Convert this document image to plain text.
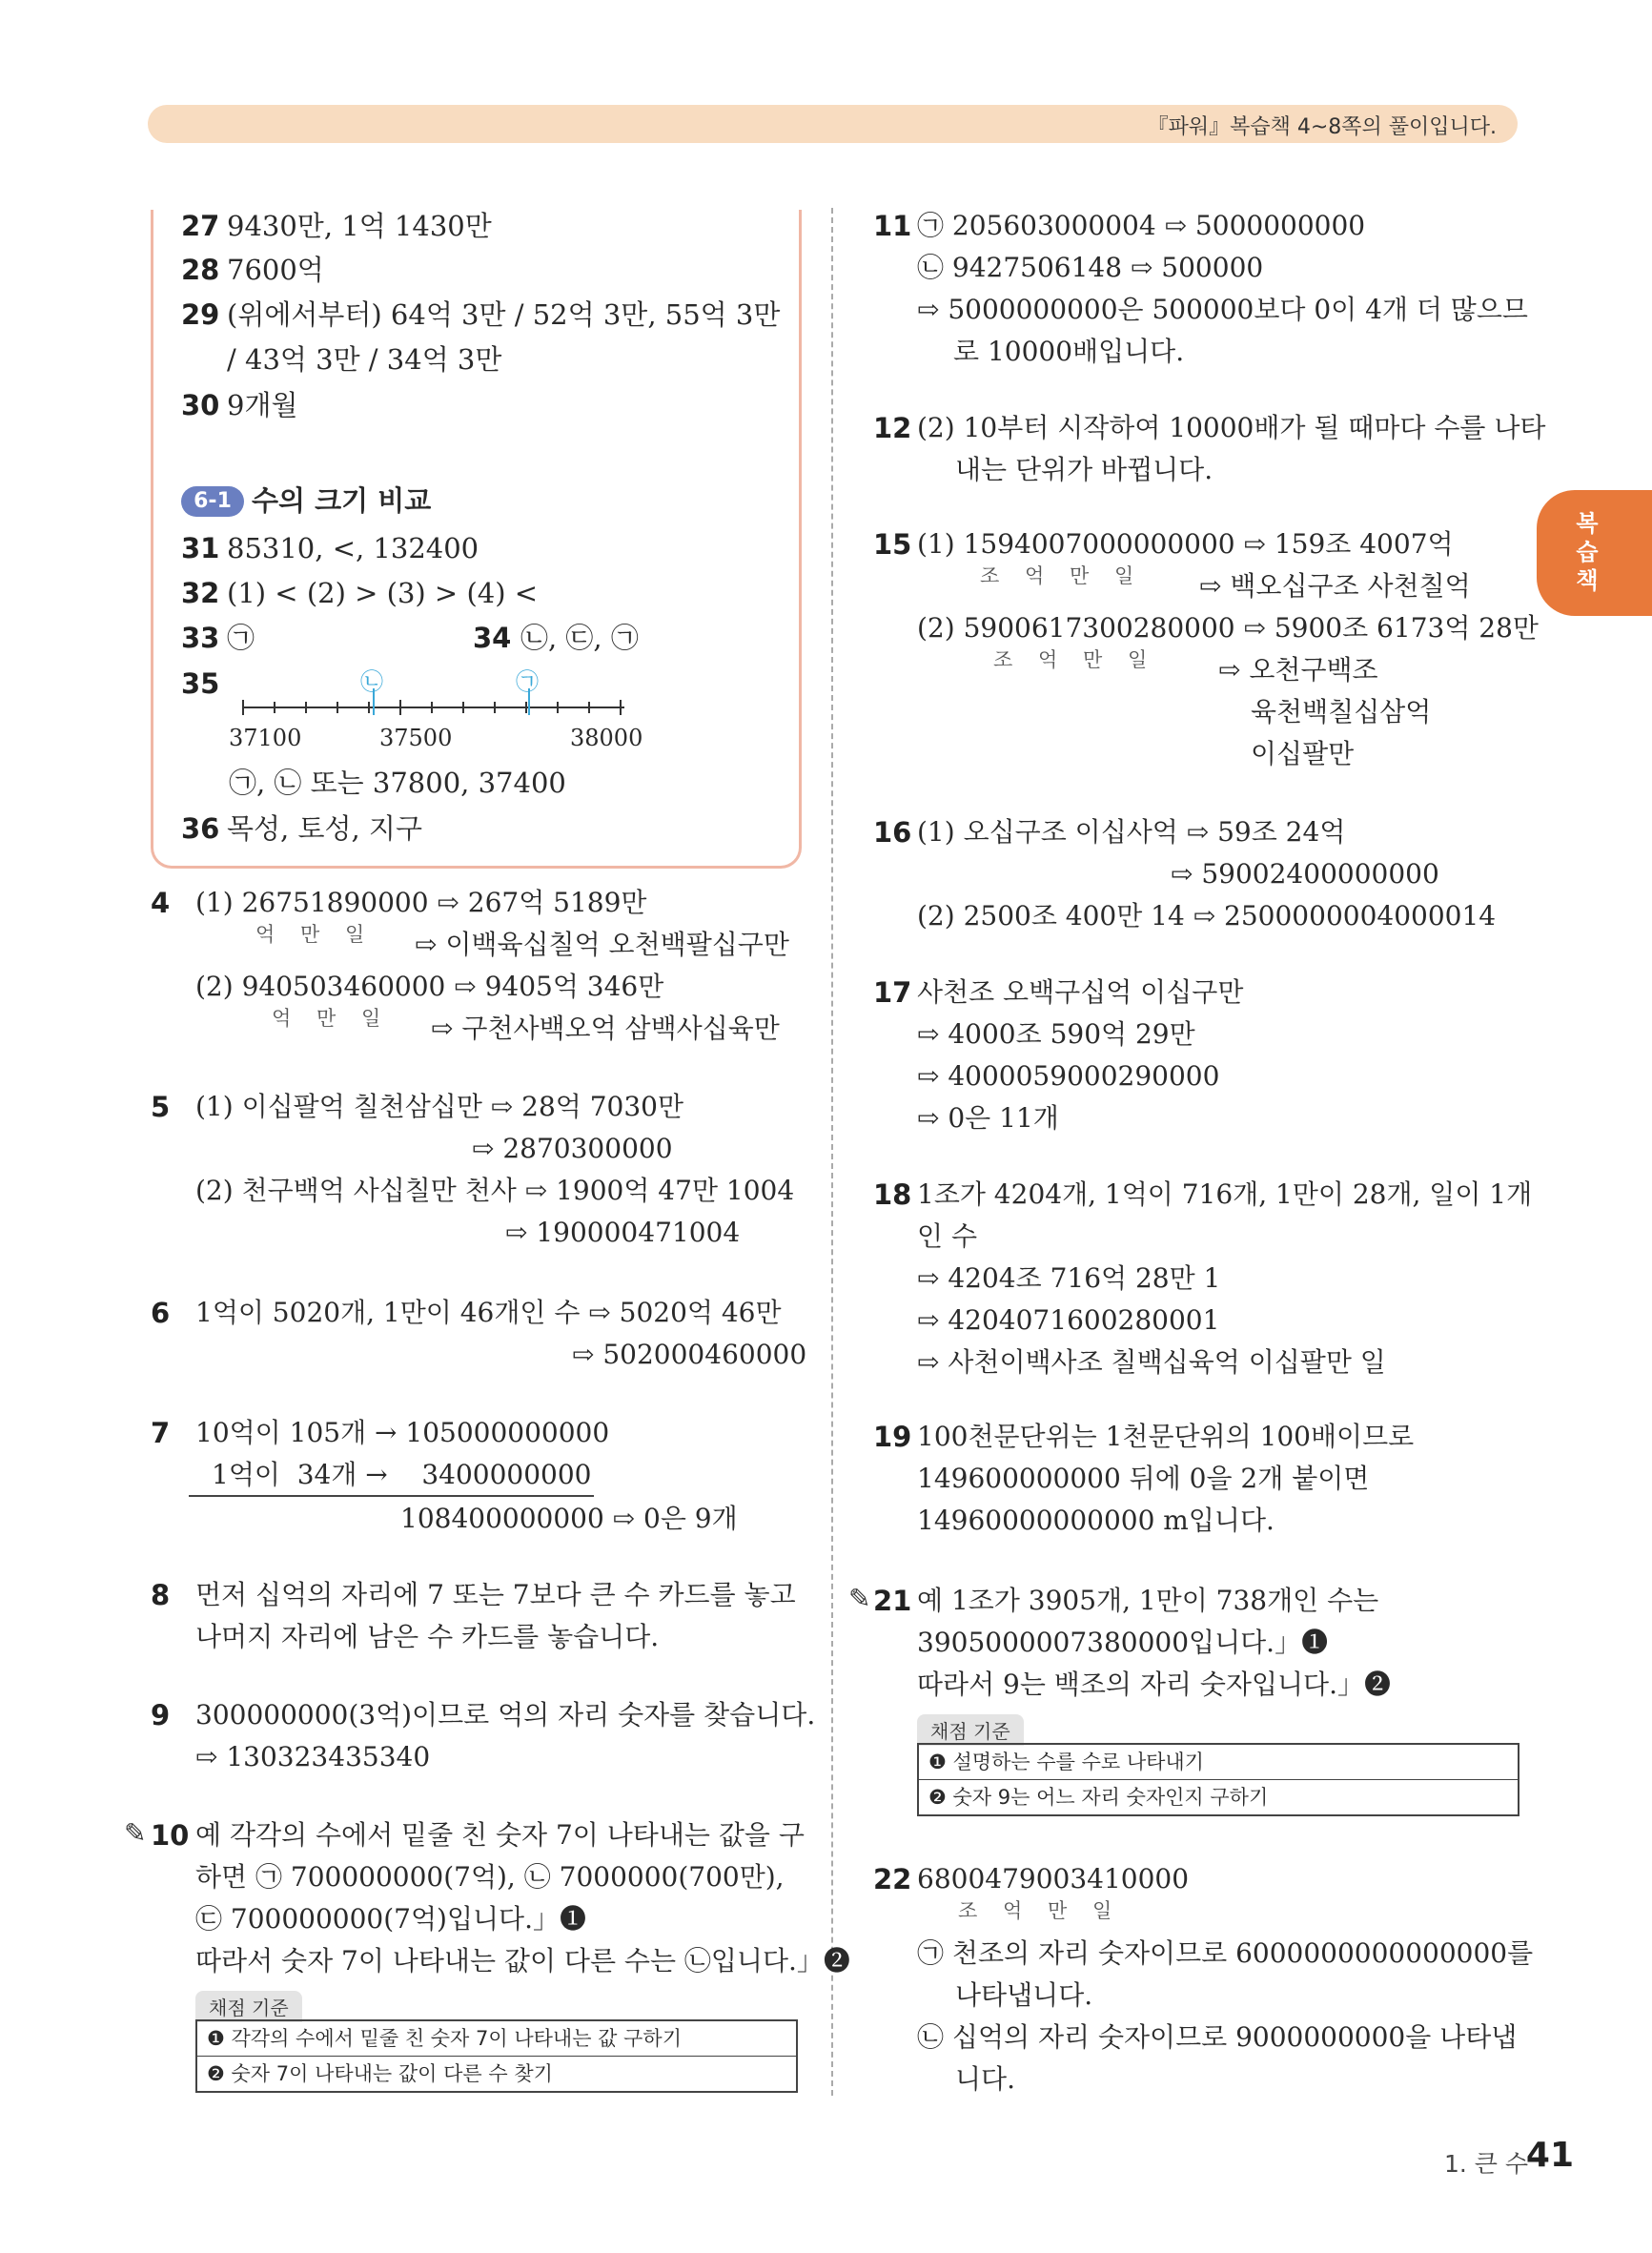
『파워』복습책 4~8쪽의 풀이입니다.
복습책
27 9430만, 1억 1430만
28 7600억
29 (위에서부터) 64억 3만 / 52억 3만, 55억 3만
/ 43억 3만 / 34억 3만
30 9개월
6-1 수의 크기 비교
31 85310, <, 132400
32 (1) < (2) > (3) > (4) <
33 ㉠	34 ㉡, ㉢, ㉠
35	㉡	㉠
37100	37500	38000
㉠, ㉡ 또는 37800, 37400
36 목성, 토성, 지구
4 (1) 26751890000 ⇨ 267억 5189만
억    만    일 ⇨ 이백육십칠억 오천백팔십구만
(2) 940503460000 ⇨ 9405억 346만
억    만    일 ⇨ 구천사백오억 삼백사십육만
5 (1) 이십팔억 칠천삼십만 ⇨ 28억 7030만
⇨ 2870300000
(2) 천구백억 사십칠만 천사 ⇨ 1900억 47만 1004
⇨ 190000471004
6 1억이 5020개, 1만이 46개인 수 ⇨ 5020억 46만
⇨ 502000460000
7 10억이 105개 → 105000000000
1억이  34개 →    3400000000
108400000000 ⇨ 0은 9개
8 먼저 십억의 자리에 7 또는 7보다 큰 수 카드를 놓고
나머지 자리에 남은 수 카드를 놓습니다.
9 300000000(3억)이므로 억의 자리 숫자를 찾습니다.
⇨ 130323435340
✎ 10 예 각각의 수에서 밑줄 친 숫자 7이 나타내는 값을 구
하면 ㉠ 700000000(7억), ㉡ 7000000(700만),
㉢ 700000000(7억)입니다.」❶
따라서 숫자 7이 나타내는 값이 다른 수는 ㉡입니다.」❷
채점 기준
❶ 각각의 수에서 밑줄 친 숫자 7이 나타내는 값 구하기
❷ 숫자 7이 나타내는 값이 다른 수 찾기
11 ㉠ 205603000004 ⇨ 5000000000
㉡ 9427506148 ⇨ 500000
⇨ 5000000000은 500000보다 0이 4개 더 많으므
로 10000배입니다.
12 (2) 10부터 시작하여 10000배가 될 때마다 수를 나타
내는 단위가 바뀝니다.
15 (1) 1594007000000000 ⇨ 159조 4007억
조    억    만    일 ⇨ 백오십구조 사천칠억
(2) 5900617300280000 ⇨ 5900조 6173억 28만
조    억    만    일	⇨ 오천구백조
육천백칠십삼억
이십팔만
16 (1) 오십구조 이십사억 ⇨ 59조 24억
⇨ 59002400000000
(2) 2500조 400만 14 ⇨ 2500000004000014
17 사천조 오백구십억 이십구만
⇨ 4000조 590억 29만
⇨ 4000059000290000
⇨ 0은 11개
18 1조가 4204개, 1억이 716개, 1만이 28개, 일이 1개
인 수
⇨ 4204조 716억 28만 1
⇨ 4204071600280001
⇨ 사천이백사조 칠백십육억 이십팔만 일
19 100천문단위는 1천문단위의 100배이므로
149600000000 뒤에 0을 2개 붙이면
14960000000000 m입니다.
✎ 21 예 1조가 3905개, 1만이 738개인 수는
3905000007380000입니다.」❶
따라서 9는 백조의 자리 숫자입니다.」❷
채점 기준
❶ 설명하는 수를 수로 나타내기
❷ 숫자 9는 어느 자리 숫자인지 구하기
22 6800479003410000
조    억    만    일
㉠ 천조의 자리 숫자이므로 6000000000000000를
나타냅니다.
㉡ 십억의 자리 숫자이므로 9000000000을 나타냅
니다.
1. 큰 수
41
